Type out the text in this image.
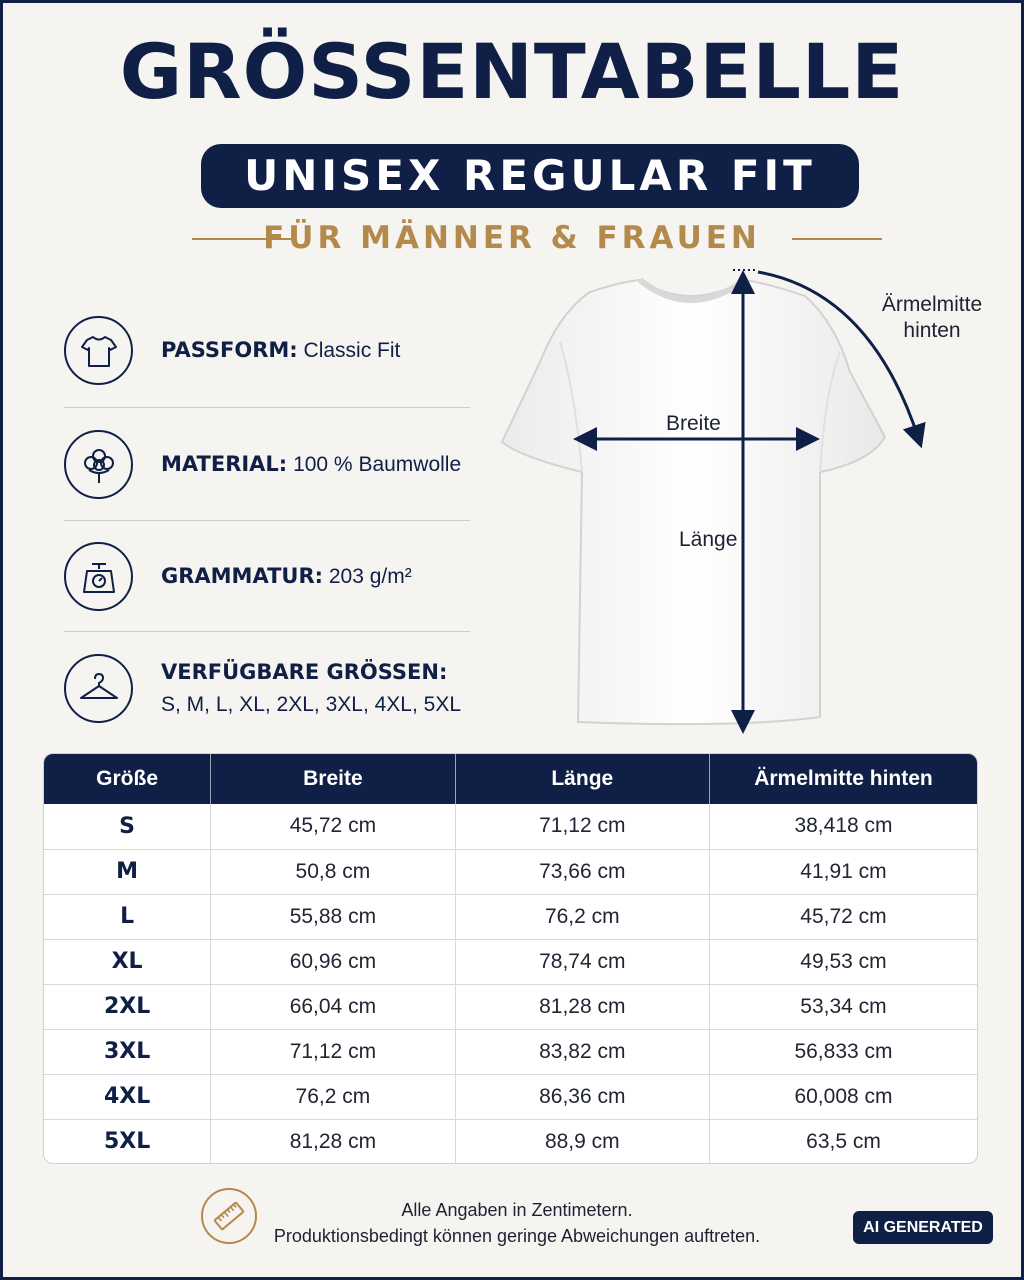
GRÖSSENTABELLE
UNISEX REGULAR FIT
FÜR MÄNNER & FRAUEN
PASSFORM: Classic Fit
MATERIAL: 100 % Baumwolle
GRAMMATUR: 203 g/m²
VERFÜGBARE GRÖSSEN:
S, M, L, XL, 2XL, 3XL, 4XL, 5XL
Breite
Länge
Ärmelmitte
hinten
Größe	Breite	Länge	Ärmelmitte hinten
S	45,72 cm	71,12 cm	38,418 cm
M	50,8 cm	73,66 cm	41,91 cm
L	55,88 cm	76,2 cm	45,72 cm
XL	60,96 cm	78,74 cm	49,53 cm
2XL	66,04 cm	81,28 cm	53,34 cm
3XL	71,12 cm	83,82 cm	56,833 cm
4XL	76,2 cm	86,36 cm	60,008 cm
5XL	81,28 cm	88,9 cm	63,5 cm
Alle Angaben in Zentimetern.
Produktionsbedingt können geringe Abweichungen auftreten.	AI GENERATED
